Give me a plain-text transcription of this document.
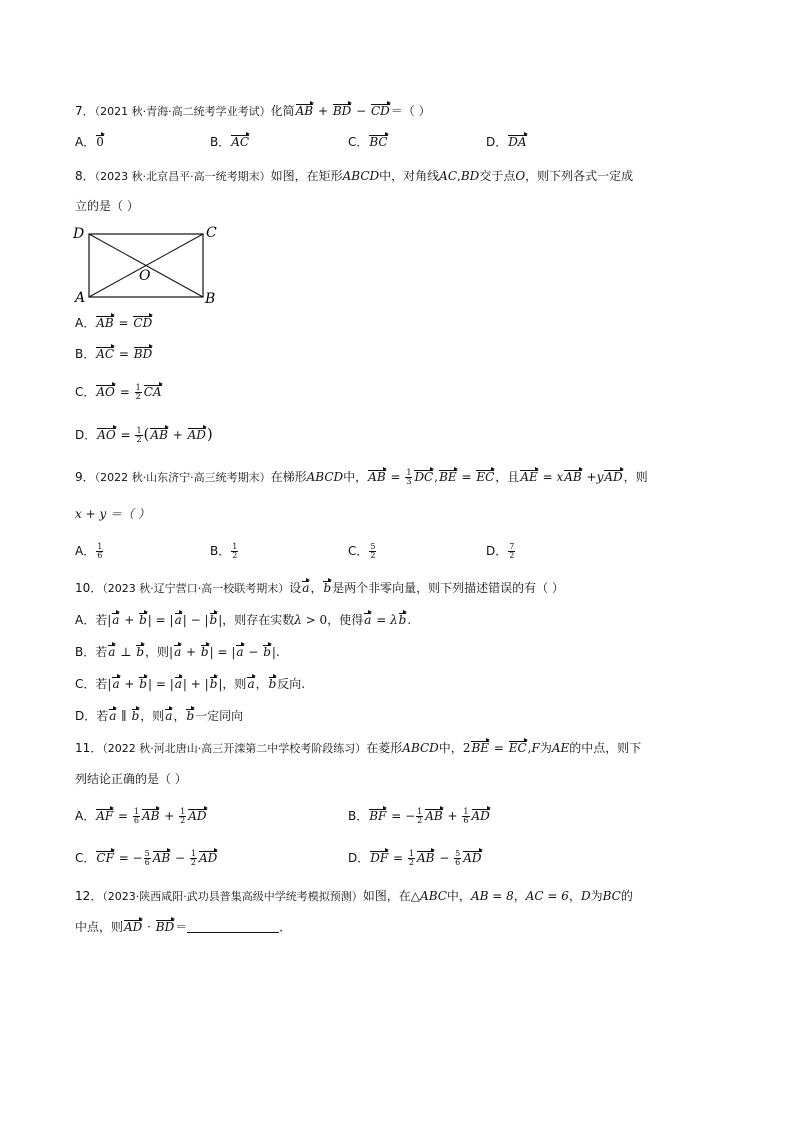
7．（2021 秋·青海·高二统考学业考试）化简AB + BD − CD＝（ ）
A．0	B．AC	C．BC	D．DA
8．（2023 秋·北京昌平·高一统考期末）如图，在矩形ABCD中，对角线AC,BD交于点O，则下列各式一定成
立的是（ ）
D	C
O
A	B
A．AB = CD
B．AC = BD
C．AO = $\frac{1}{2}$ CA
D．AO = $\frac{1}{2} (AB + AD)$
9．（2022 秋·山东济宁·高三统考期末）在梯形ABCD中，AB = $\frac{1}{3} DC,BE$ = EC，且AE = xAB +yAD，则
x + y ＝（ ）
A． $\frac{1}{6}$	B． $\frac{1}{2}$	C． $\frac{5}{2}$	D． $\frac{7}{2}$
10．（2023 秋·辽宁营口·高一校联考期末）设a，b是两个非零向量，则下列描述错误的有（ ）
A．若|a + b| = |a| − |b|，则存在实数λ > 0，使得a = λb.
B．若a ⊥ b，则|a + b| = |a − b|.
C．若|a + b| = |a| + |b|，则a，b反向.
D．若a ∥ b，则a，b一定同向
11．（2022 秋·河北唐山·高三开滦第二中学校考阶段练习）在菱形ABCD中，2BE = EC,F为AE的中点，则下
列结论正确的是（ ）
A．AF = $\frac{1}{6}$ AB + $\frac{1}{2}$ AD	B．BF = − $\frac{1}{2}$ AB + $\frac{1}{6}$ AD
C．CF = − $\frac{5}{6}$ AB − $\frac{1}{2}$ AD	D．DF = $\frac{1}{2}$ AB − $\frac{5}{6}$ AD
12．（2023·陕西咸阳·武功县普集高级中学统考模拟预测）如图，在△ABC中，AB = 8，AC = 6，D为BC的
中点，则AD · BD＝	．
